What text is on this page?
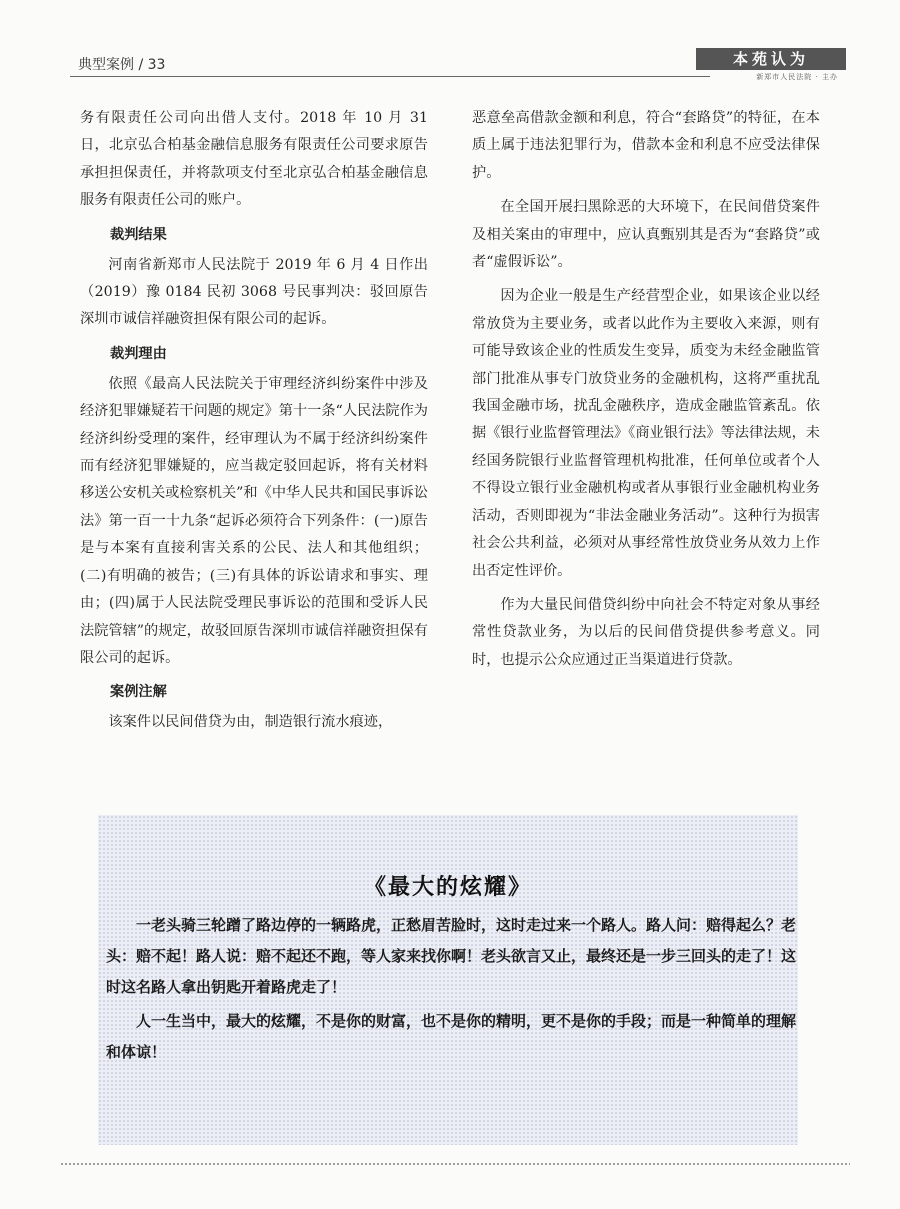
典型案例 / 33	本苑认为
新郑市人民法院 · 主办

务有限责任公司向出借人支付。2018 年 10 月 31 日，北京弘合柏基金融信息服务有限责任公司要求原告承担担保责任，并将款项支付至北京弘合柏基金融信息服务有限责任公司的账户。

裁判结果

河南省新郑市人民法院于 2019 年 6 月 4 日作出（2019）豫 0184 民初 3068 号民事判决：驳回原告深圳市诚信祥融资担保有限公司的起诉。

裁判理由

依照《最高人民法院关于审理经济纠纷案件中涉及经济犯罪嫌疑若干问题的规定》第十一条“人民法院作为经济纠纷受理的案件，经审理认为不属于经济纠纷案件而有经济犯罪嫌疑的，应当裁定驳回起诉，将有关材料移送公安机关或检察机关”和《中华人民共和国民事诉讼法》第一百一十九条“起诉必须符合下列条件：(一)原告是与本案有直接利害关系的公民、法人和其他组织；(二)有明确的被告；(三)有具体的诉讼请求和事实、理由；(四)属于人民法院受理民事诉讼的范围和受诉人民法院管辖”的规定，故驳回原告深圳市诚信祥融资担保有限公司的起诉。

案例注解

该案件以民间借贷为由，制造银行流水痕迹，

恶意垒高借款金额和利息，符合“套路贷”的特征，在本质上属于违法犯罪行为，借款本金和利息不应受法律保护。

在全国开展扫黑除恶的大环境下，在民间借贷案件及相关案由的审理中，应认真甄别其是否为“套路贷”或者“虚假诉讼”。

因为企业一般是生产经营型企业，如果该企业以经常放贷为主要业务，或者以此作为主要收入来源，则有可能导致该企业的性质发生变异，质变为未经金融监管部门批准从事专门放贷业务的金融机构，这将严重扰乱我国金融市场，扰乱金融秩序，造成金融监管紊乱。依据《银行业监督管理法》《商业银行法》等法律法规，未经国务院银行业监督管理机构批准，任何单位或者个人不得设立银行业金融机构或者从事银行业金融机构业务活动，否则即视为“非法金融业务活动”。这种行为损害社会公共利益，必须对从事经常性放贷业务从效力上作出否定性评价。

作为大量民间借贷纠纷中向社会不特定对象从事经常性贷款业务，为以后的民间借贷提供参考意义。同时，也提示公众应通过正当渠道进行贷款。

《最大的炫耀》

一老头骑三轮蹭了路边停的一辆路虎，正愁眉苦脸时，这时走过来一个路人。路人问：赔得起么？老头：赔不起！路人说：赔不起还不跑，等人家来找你啊！老头欲言又止，最终还是一步三回头的走了！这时这名路人拿出钥匙开着路虎走了！

人一生当中，最大的炫耀，不是你的财富，也不是你的精明，更不是你的手段；而是一种简单的理解和体谅！
